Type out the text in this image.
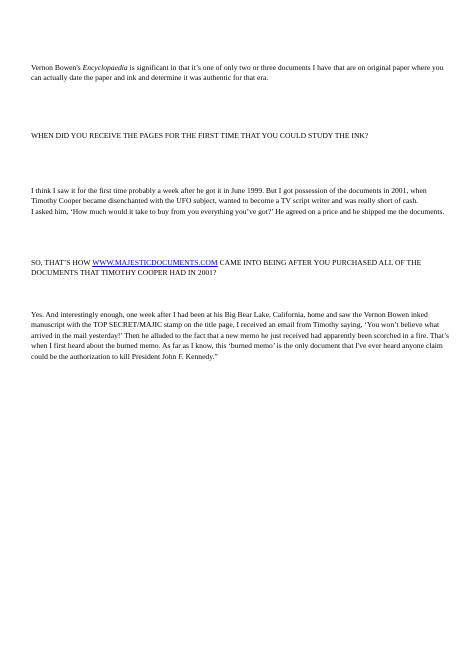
Vernon Bowen's Encyclopaedia is significant in that it’s one of only two or three documents I have that are on original paper where you can actually date the paper and ink and determine it was authentic for that era.

WHEN DID YOU RECEIVE THE PAGES FOR THE FIRST TIME THAT YOU COULD STUDY THE INK?

I think I saw it for the first time probably a week after he got it in June 1999. But I got possession of the documents in 2001, when Timothy Cooper became disenchanted with the UFO subject, wanted to become a TV script writer and was really short of cash.

I asked him, ‘How much would it take to buy from you everything you’ve got?’ He agreed on a price and he shipped me the documents.

SO, THAT’S HOW WWW.MAJESTICDOCUMENTS.COM CAME INTO BEING AFTER YOU PURCHASED ALL OF THE DOCUMENTS THAT TIMOTHY COOPER HAD IN 2001?

Yes. And interestingly enough, one week after I had been at his Big Bear Lake, California, home and saw the Vernon Bowen inked manuscript with the TOP SECRET/MAJIC stamp on the title page, I received an email from Timothy saying, ‘You won’t believe what arrived in the mail yesterday!’ Then he alluded to the fact that a new memo he just received had apparently been scorched in a fire. That’s when I first heard about the burned memo. As far as I know, this ‘burned memo’ is the only document that I've ever heard anyone claim could be the authorization to kill President John F. Kennedy.”
